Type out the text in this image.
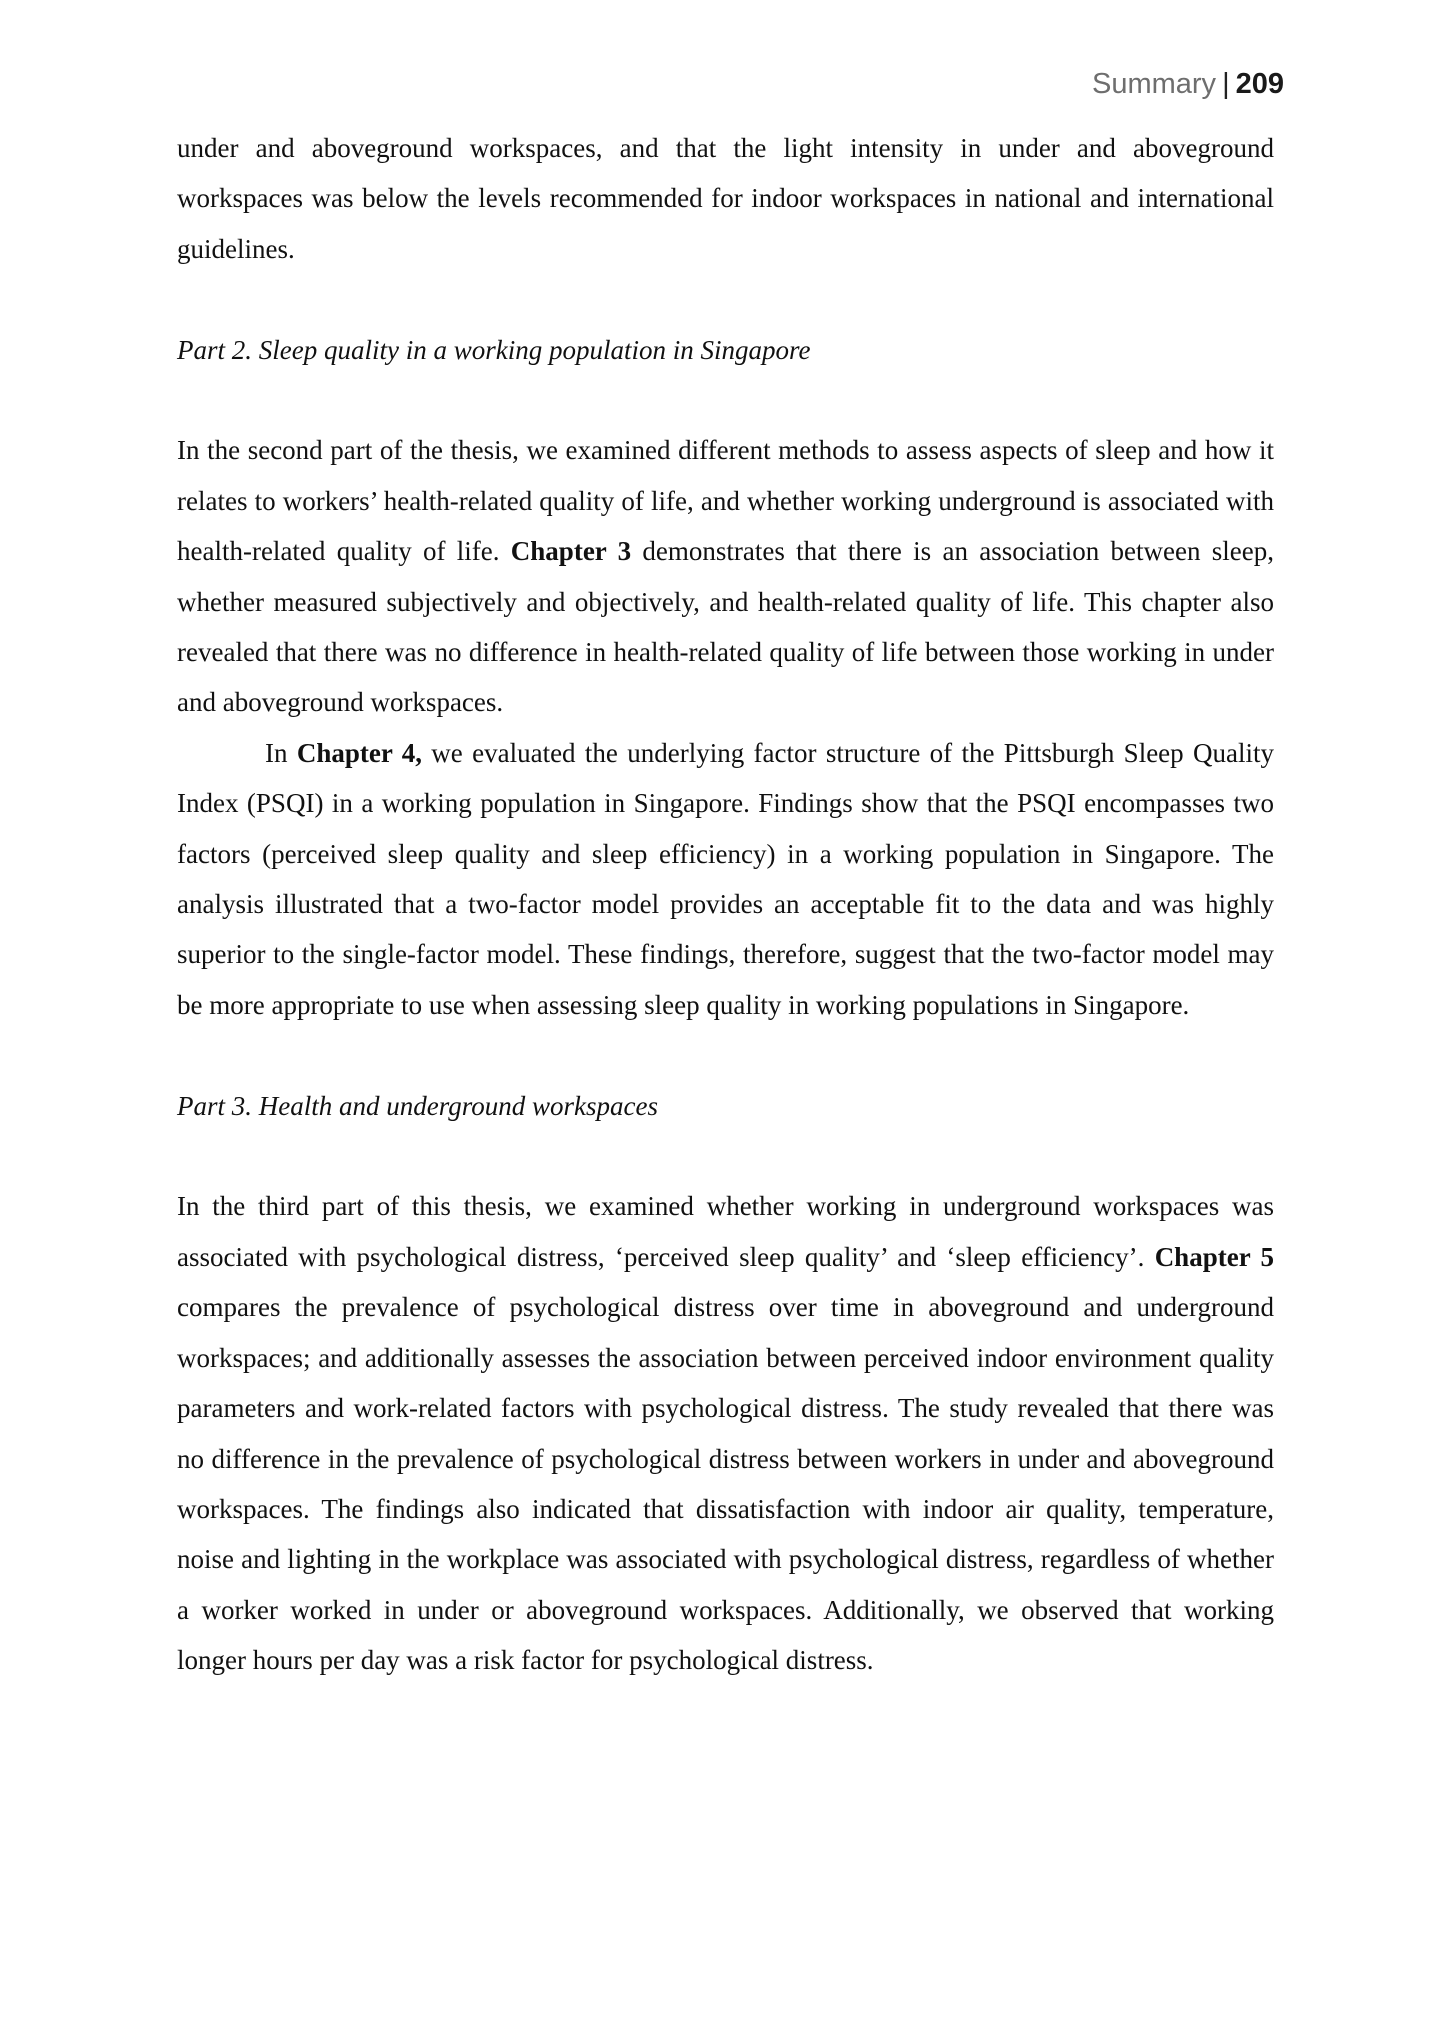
Summary | 209

under and aboveground workspaces, and that the light intensity in under and aboveground workspaces was below the levels recommended for indoor workspaces in national and international guidelines.

Part 2. Sleep quality in a working population in Singapore

In the second part of the thesis, we examined different methods to assess aspects of sleep and how it relates to workers’ health-related quality of life, and whether working underground is associated with health-related quality of life. Chapter 3 demonstrates that there is an association between sleep, whether measured subjectively and objectively, and health-related quality of life. This chapter also revealed that there was no difference in health-related quality of life between those working in under and aboveground workspaces.

In Chapter 4, we evaluated the underlying factor structure of the Pittsburgh Sleep Quality Index (PSQI) in a working population in Singapore. Findings show that the PSQI encompasses two factors (perceived sleep quality and sleep efficiency) in a working population in Singapore. The analysis illustrated that a two-factor model provides an acceptable fit to the data and was highly superior to the single-factor model. These findings, therefore, suggest that the two-factor model may be more appropriate to use when assessing sleep quality in working populations in Singapore.

Part 3. Health and underground workspaces

In the third part of this thesis, we examined whether working in underground workspaces was associated with psychological distress, ‘perceived sleep quality’ and ‘sleep efficiency’. Chapter 5 compares the prevalence of psychological distress over time in aboveground and underground workspaces; and additionally assesses the association between perceived indoor environment quality parameters and work-related factors with psychological distress. The study revealed that there was no difference in the prevalence of psychological distress between workers in under and aboveground workspaces. The findings also indicated that dissatisfaction with indoor air quality, temperature, noise and lighting in the workplace was associated with psychological distress, regardless of whether a worker worked in under or aboveground workspaces. Additionally, we observed that working longer hours per day was a risk factor for psychological distress.
